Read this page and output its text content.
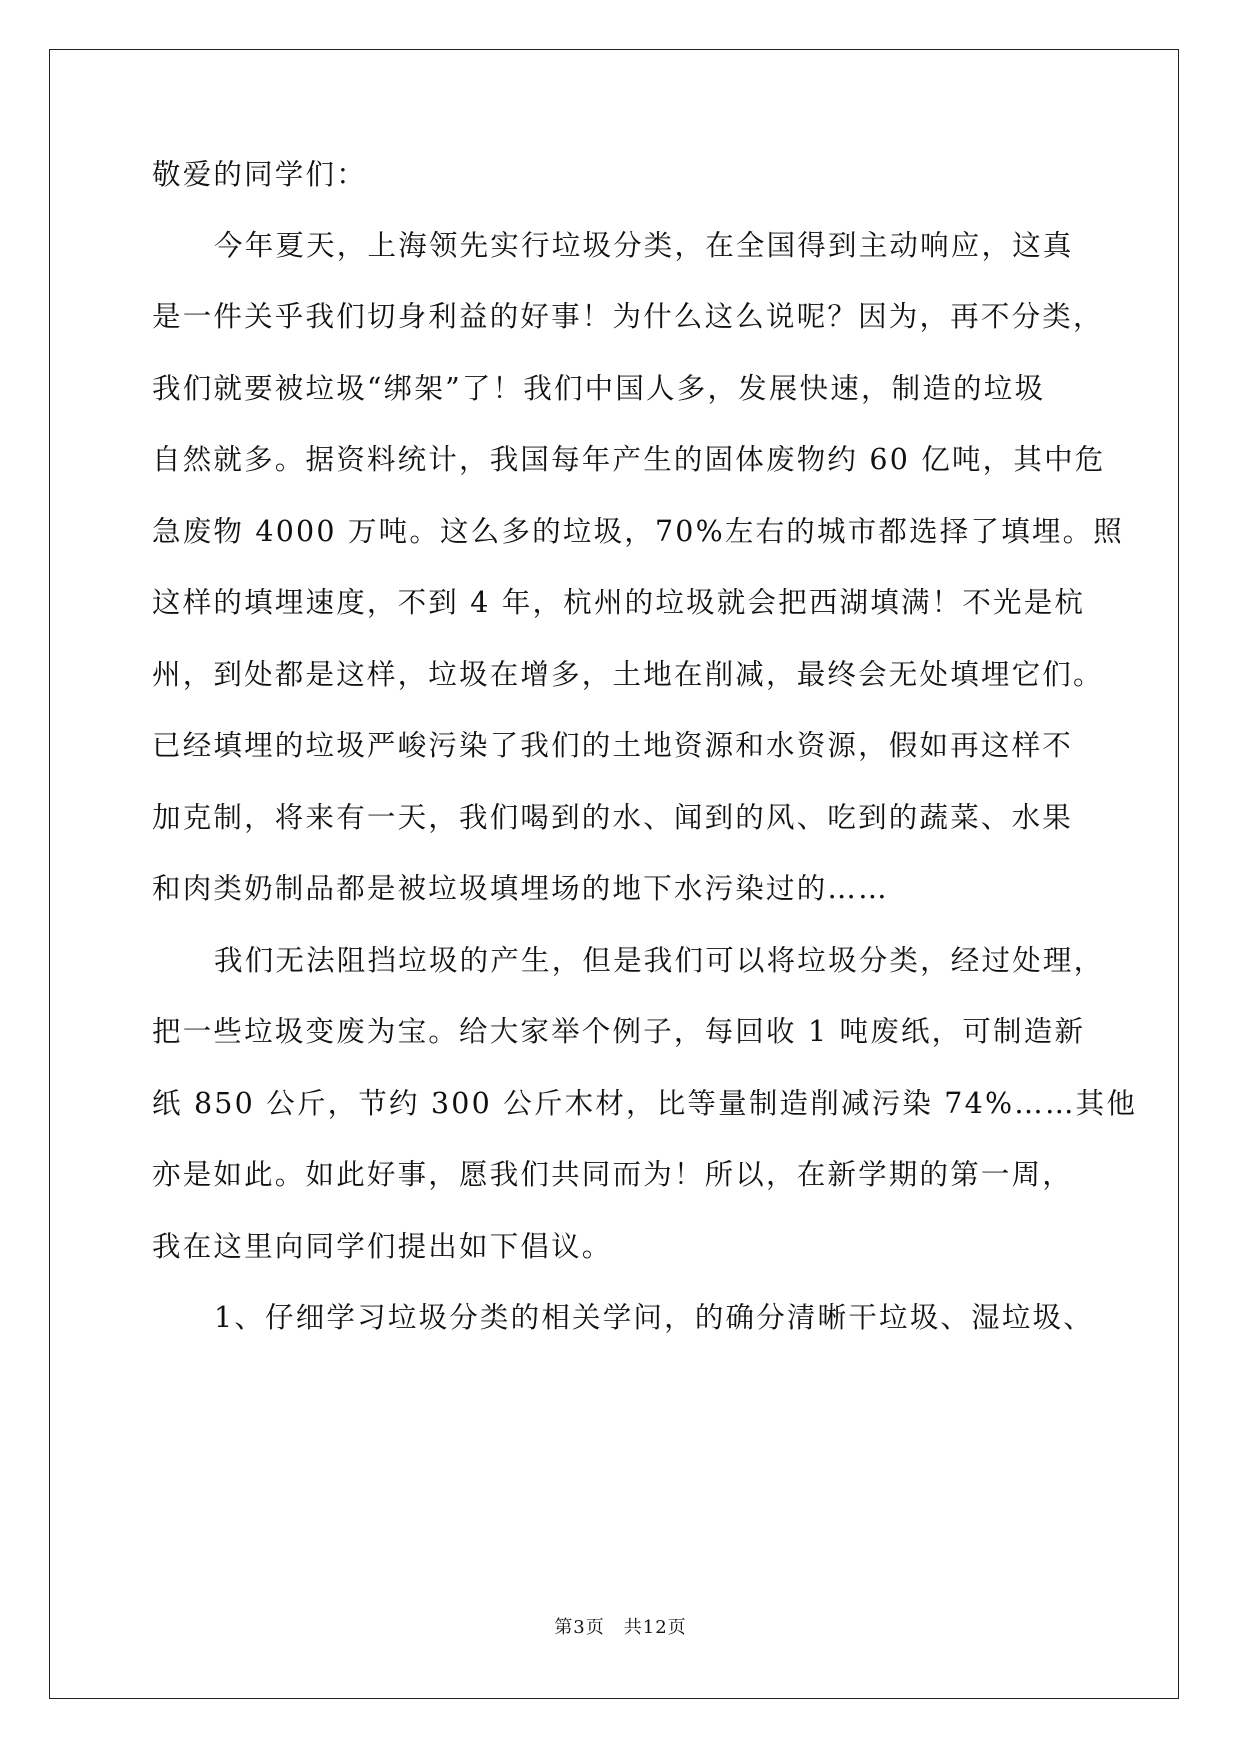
敬爱的同学们：
今年夏天，上海领先实行垃圾分类，在全国得到主动响应，这真
是一件关乎我们切身利益的好事！为什么这么说呢？因为，再不分类，
我们就要被垃圾“绑架”了！我们中国人多，发展快速，制造的垃圾
自然就多。据资料统计，我国每年产生的固体废物约 60 亿吨，其中危
急废物 4000 万吨。这么多的垃圾，70%左右的城市都选择了填埋。照
这样的填埋速度，不到 4 年，杭州的垃圾就会把西湖填满！不光是杭
州，到处都是这样，垃圾在增多，土地在削减，最终会无处填埋它们。
已经填埋的垃圾严峻污染了我们的土地资源和水资源，假如再这样不
加克制，将来有一天，我们喝到的水、闻到的风、吃到的蔬菜、水果
和肉类奶制品都是被垃圾填埋场的地下水污染过的……
我们无法阻挡垃圾的产生，但是我们可以将垃圾分类，经过处理，
把一些垃圾变废为宝。给大家举个例子，每回收 1 吨废纸，可制造新
纸 850 公斤，节约 300 公斤木材，比等量制造削减污染 74%……其他
亦是如此。如此好事，愿我们共同而为！所以，在新学期的第一周，
我在这里向同学们提出如下倡议。
1、仔细学习垃圾分类的相关学问，的确分清晰干垃圾、湿垃圾、
第3页　共12页
